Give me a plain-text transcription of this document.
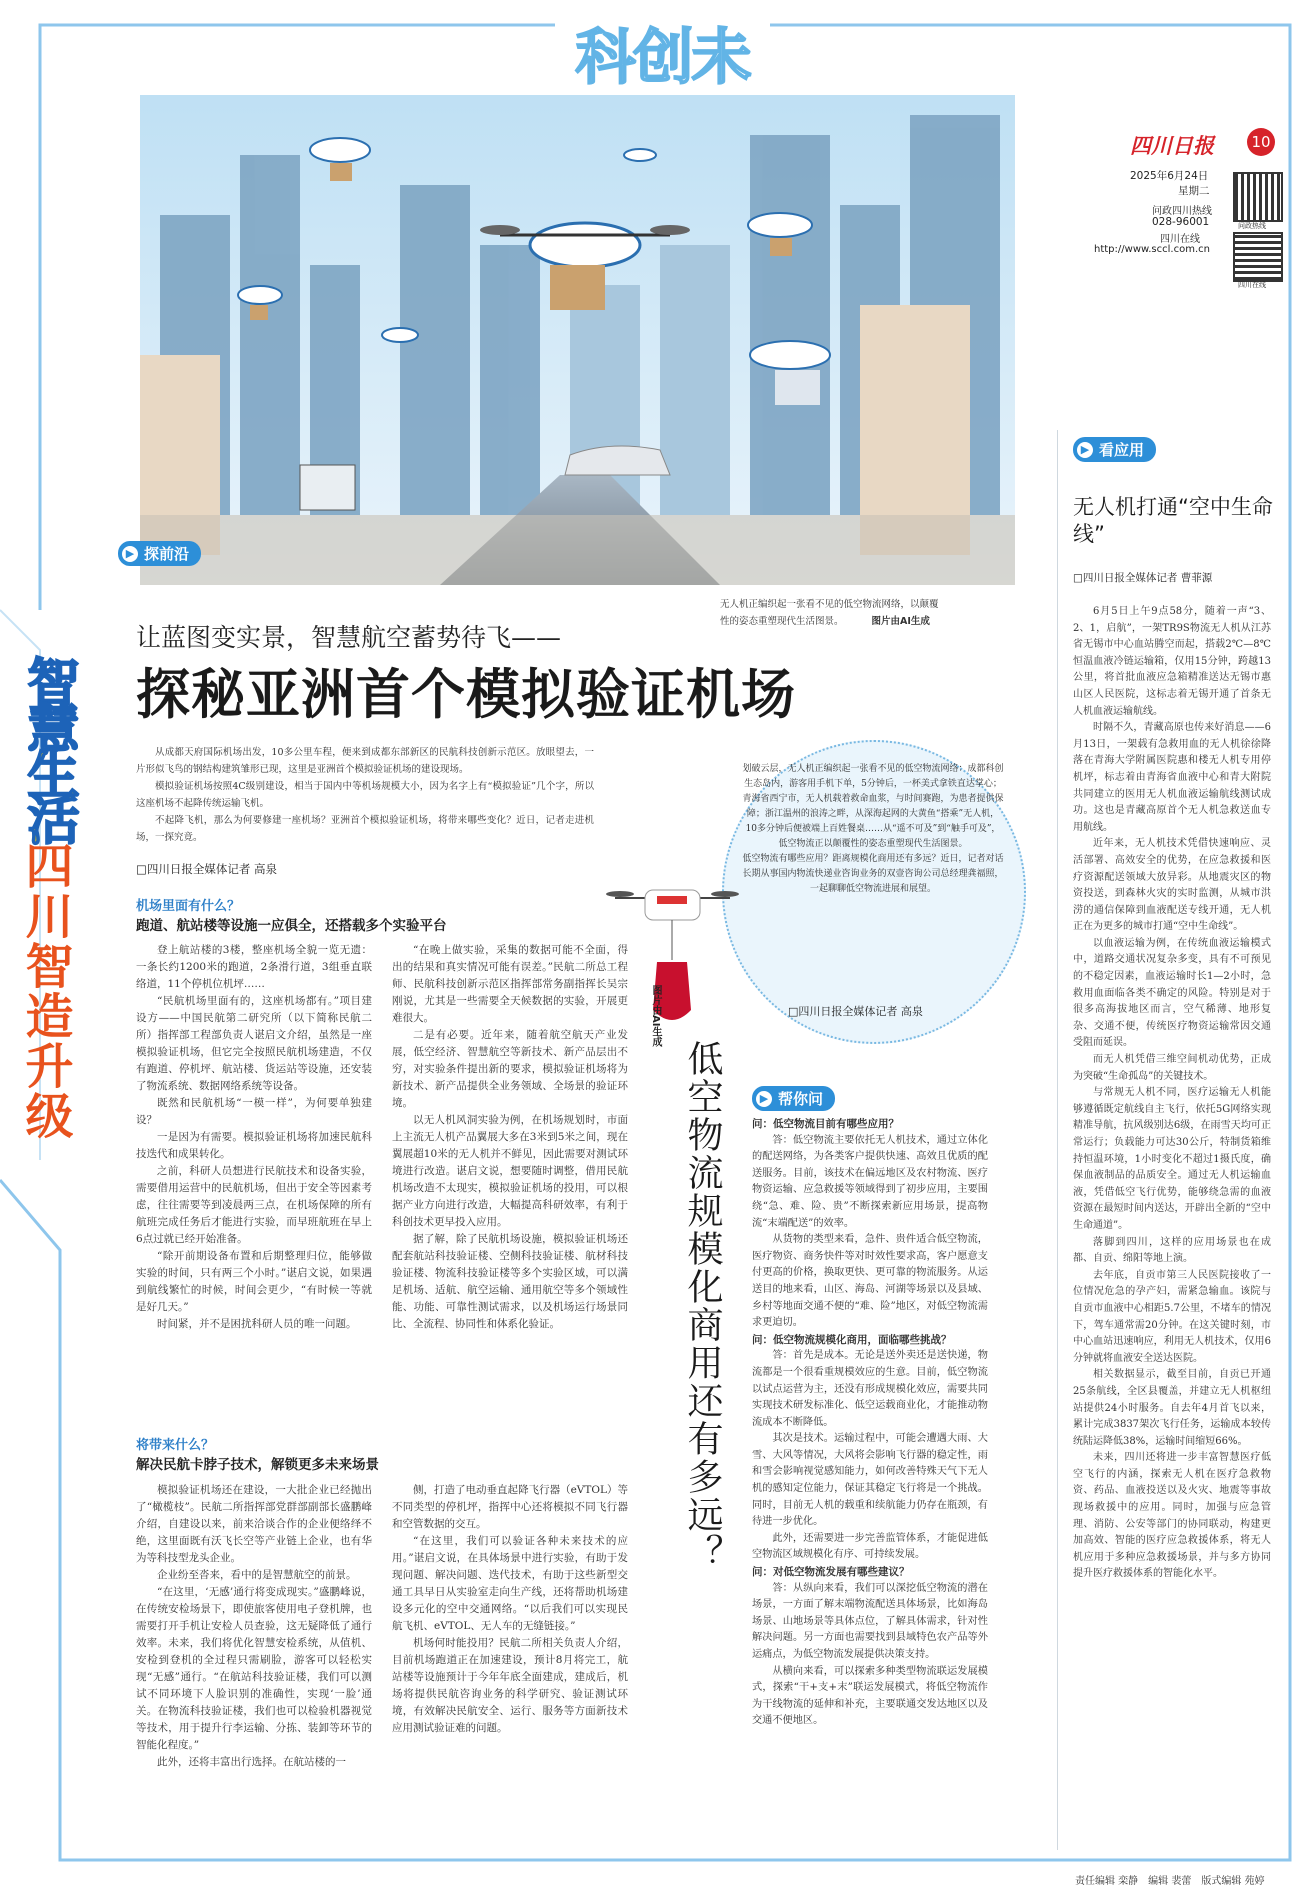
科创未
四川日报 10
2025年6月24日
星期二
问政四川热线
028-96001
四川在线
http://www.sccl.com.cn
问政热线
四川在线
▶ 探前沿
无人机正编织起一张看不见的低空物流网络，以颠覆
性的姿态重塑现代生活图景。	图片由AI生成
智慧生活
四川智造升级
让蓝图变实景，智慧航空蓄势待飞——
探秘亚洲首个模拟验证机场

从成都天府国际机场出发，10多公里车程，便来到成都东部新区的民航科技创新示范区。放眼望去，一片形似飞鸟的钢结构建筑雏形已现，这里是亚洲首个模拟验证机场的建设现场。

模拟验证机场按照4C级别建设，相当于国内中等机场规模大小，因为名字上有“模拟验证”几个字，所以这座机场不起降传统运输飞机。

不起降飞机，那么为何要修建一座机场？亚洲首个模拟验证机场，将带来哪些变化？近日，记者走进机场，一探究竟。

□四川日报全媒体记者 高泉
机场里面有什么？
跑道、航站楼等设施一应俱全，还搭载多个实验平台

登上航站楼的3楼，整座机场全貌一览无遗：一条长约1200米的跑道，2条滑行道，3组垂直联络道，11个停机位机坪……

“民航机场里面有的，这座机场都有。”项目建设方——中国民航第二研究所（以下简称民航二所）指挥部工程部负责人谌启文介绍，虽然是一座模拟验证机场，但它完全按照民航机场建造，不仅有跑道、停机坪、航站楼、货运站等设施，还安装了物流系统、数据网络系统等设备。

既然和民航机场“一模一样”，为何要单独建设？

一是因为有需要。模拟验证机场将加速民航科技迭代和成果转化。

之前，科研人员想进行民航技术和设备实验，需要借用运营中的民航机场，但出于安全等因素考虑，往往需要等到凌晨两三点，在机场保障的所有航班完成任务后才能进行实验，而早班航班在早上6点过就已经开始准备。

“除开前期设备布置和后期整理归位，能够做实验的时间，只有两三个小时。”谌启文说，如果遇到航线繁忙的时候，时间会更少，“有时候一等就是好几天。”

时间紧，并不是困扰科研人员的唯一问题。

“在晚上做实验，采集的数据可能不全面，得出的结果和真实情况可能有误差。”民航二所总工程师、民航科技创新示范区指挥部常务副指挥长吴宗刚说，尤其是一些需要全天候数据的实验，开展更难很大。

二是有必要。近年来，随着航空航天产业发展，低空经济、智慧航空等新技术、新产品层出不穷，对实验条件提出新的要求，模拟验证机场将为新技术、新产品提供全业务领域、全场景的验证环境。

以无人机风洞实验为例，在机场规划时，市面上主流无人机产品翼展大多在3米到5米之间，现在翼展超10米的无人机并不鲜见，因此需要对测试环境进行改造。谌启文说，想要随时调整，借用民航机场改造不太现实，模拟验证机场的投用，可以根据产业方向进行改造，大幅提高科研效率，有利于科创技术更早投入应用。

据了解，除了民航机场设施，模拟验证机场还配套航站科技验证楼、空侧科技验证楼、航材科技验证楼、物流科技验证楼等多个实验区域，可以满足机场、适航、航空运输、通用航空等多个领域性能、功能、可靠性测试需求，以及机场运行场景同比、全流程、协同性和体系化验证。

将带来什么？
解决民航卡脖子技术，解锁更多未来场景

模拟验证机场还在建设，一大批企业已经抛出了“橄榄枝”。民航二所指挥部党群部副部长盛鹏峰介绍，自建设以来，前来洽谈合作的企业便络绎不绝，这里面既有沃飞长空等产业链上企业，也有华为等科技型龙头企业。

企业纷至沓来，看中的是智慧航空的前景。

“在这里，‘无感’通行将变成现实。”盛鹏峰说，在传统安检场景下，即使旅客使用电子登机牌，也需要打开手机让安检人员查验，这无疑降低了通行效率。未来，我们将优化智慧安检系统，从值机、安检到登机的全过程只需刷脸，游客可以轻松实现“无感”通行。“在航站科技验证楼，我们可以测试不同环境下人脸识别的准确性，实现‘一脸’通关。在物流科技验证楼，我们也可以检验机器视觉等技术，用于提升行李运输、分拣、装卸等环节的智能化程度。”

此外，还将丰富出行选择。在航站楼的一

侧，打造了电动垂直起降飞行器（eVTOL）等不同类型的停机坪，指挥中心还将模拟不同飞行器和空管数据的交互。

“在这里，我们可以验证各种未来技术的应用。”谌启文说，在具体场景中进行实验，有助于发现问题、解决问题、迭代技术，有助于这些新型交通工具早日从实验室走向生产线，还将帮助机场建设多元化的空中交通网络。“以后我们可以实现民航飞机、eVTOL、无人车的无缝链接。”

机场何时能投用？民航二所相关负责人介绍，目前机场跑道正在加速建设，预计8月将完工，航站楼等设施预计于今年年底全面建成，建成后，机场将提供民航咨询业务的科学研究、验证测试环境，有效解决民航安全、运行、服务等方面新技术应用测试验证难的问题。

划破云层，无人机正编织起一张看不见的低空物流网络：成都科创生态岛内，游客用手机下单，5分钟后，一杯美式拿铁直达掌心；青海省西宁市，无人机载着救命血浆，与时间赛跑，为患者提供保障；浙江温州的浪涛之畔，从深海起网的大黄鱼“搭乘”无人机，10多分钟后便被端上百姓餐桌……从“遥不可及”到“触手可及”，低空物流正以颠覆性的姿态重塑现代生活图景。

低空物流有哪些应用？距离规模化商用还有多远？近日，记者对话长期从事国内物流快递业咨询业务的双壹咨询公司总经理龚福照，一起聊聊低空物流进展和展望。

□四川日报全媒体记者 高泉
图片由AI生成
低空物流规模化商用还有多远？	▶ 帮你问
问：低空物流目前有哪些应用？

答：低空物流主要依托无人机技术，通过立体化的配送网络，为各类客户提供快速、高效且优质的配送服务。目前，该技术在偏远地区及农村物流、医疗物资运输、应急救援等领域得到了初步应用，主要围绕“急、难、险、贵”不断探索新应用场景，提高物流“末端配送”的效率。

从货物的类型来看，急件、贵件适合低空物流，医疗物资、商务快件等对时效性要求高，客户愿意支付更高的价格，换取更快、更可靠的物流服务。从运送目的地来看，山区、海岛、河湖等场景以及县域、乡村等地面交通不便的“难、险”地区，对低空物流需求更迫切。

问：低空物流规模化商用，面临哪些挑战？

答：首先是成本。无论是送外卖还是送快递，物流都是一个很看重规模效应的生意。目前，低空物流以试点运营为主，还没有形成规模化效应，需要共同实现技术研发标准化、低空运载商业化，才能推动物流成本不断降低。

其次是技术。运输过程中，可能会遭遇大雨、大雪、大风等情况，大风将会影响飞行器的稳定性，雨和雪会影响视觉感知能力，如何改善特殊天气下无人机的感知定位能力，保证其稳定飞行将是一个挑战。同时，目前无人机的载重和续航能力仍存在瓶颈，有待进一步优化。

此外，还需要进一步完善监管体系，才能促进低空物流区域规模化有序、可持续发展。

问：对低空物流发展有哪些建议？

答：从纵向来看，我们可以深挖低空物流的潜在场景，一方面了解末端物流配送具体场景，比如海岛场景、山地场景等具体点位，了解具体需求，针对性解决问题。另一方面也需要找到县域特色农产品等外运痛点，为低空物流发展提供决策支持。

从横向来看，可以探索多种类型物流联运发展模式，探索“干+支+末”联运发展模式，将低空物流作为干线物流的延伸和补充，主要联通交发达地区以及交通不便地区。

▶ 看应用
无人机打通“空中生命线”
□四川日报全媒体记者 曹菲源

6月5日上午9点58分，随着一声“3、2、1，启航”，一架TR9S物流无人机从江苏省无锡市中心血站腾空而起，搭载2℃—8℃恒温血液冷链运输箱，仅用15分钟，跨越13公里，将首批血液应急箱精准送达无锡市惠山区人民医院，这标志着无锡开通了首条无人机血液运输航线。

时隔不久，青藏高原也传来好消息——6月13日，一架载有急救用血的无人机徐徐降落在青海大学附属医院惠和楼无人机专用停机坪，标志着由青海省血液中心和青大附院共同建立的医用无人机血液运输航线测试成功。这也是青藏高原首个无人机急救送血专用航线。

近年来，无人机技术凭借快速响应、灵活部署、高效安全的优势，在应急救援和医疗资源配送领域大放异彩。从地震灾区的物资投送，到森林火灾的实时监测，从城市洪涝的通信保障到血液配送专线开通，无人机正在为更多的城市打通“空中生命线”。

以血液运输为例，在传统血液运输模式中，道路交通状况复杂多变，具有不可预见的不稳定因素，血液运输时长1—2小时，急救用血面临各类不确定的风险。特别是对于很多高海拔地区而言，空气稀薄、地形复杂、交通不便，传统医疗物资运输常因交通受阻而延误。

而无人机凭借三维空间机动优势，正成为突破“生命孤岛”的关键技术。

与常规无人机不同，医疗运输无人机能够遵循既定航线自主飞行，依托5G网络实现精准导航，抗风级别达6级，在雨雪天均可正常运行；负载能力可达30公斤，特制货箱维持恒温环境，1小时变化不超过1摄氏度，确保血液制品的品质安全。通过无人机运输血液，凭借低空飞行优势，能够绕急需的血液资源在最短时间内送达，开辟出全新的“空中生命通道”。

落脚到四川，这样的应用场景也在成都、自贡、绵阳等地上演。

去年底，自贡市第三人民医院接收了一位情况危急的孕产妇，需紧急输血。该院与自贡市血液中心相距5.7公里，不堵车的情况下，驾车通常需20分钟。在这关键时刻，市中心血站迅速响应，利用无人机技术，仅用6分钟就将血液安全送达医院。

相关数据显示，截至目前，自贡已开通25条航线，全区县覆盖，并建立无人机枢纽站提供24小时服务。自去年4月首飞以来，累计完成3837架次飞行任务，运输成本较传统陆运降低38%，运输时间缩短66%。

未来，四川还将进一步丰富智慧医疗低空飞行的内涵，探索无人机在医疗急救物资、药品、血液投送以及火灾、地震等事故现场救援中的应用。同时，加强与应急管理、消防、公安等部门的协同联动，构建更加高效、智能的医疗应急救援体系，将无人机应用于多种应急救援场景，并与多方协同提升医疗救援体系的智能化水平。

责任编辑 栾静　编辑 裴蕾　版式编辑 苑婷
